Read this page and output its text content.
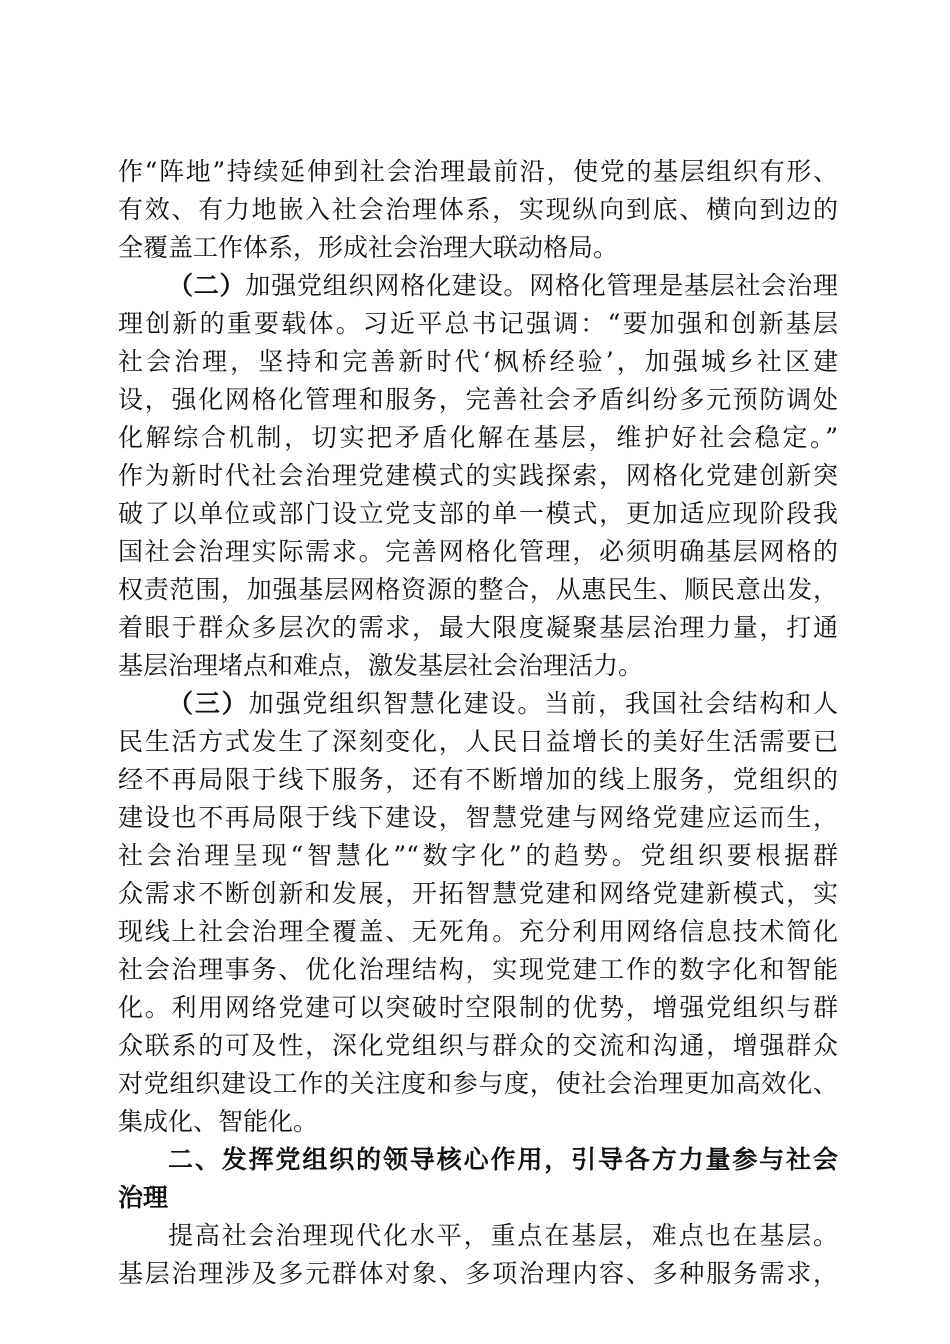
作“阵地”持续延伸到社会治理最前沿，使党的基层组织有形、
有效、有力地嵌入社会治理体系，实现纵向到底、横向到边的
全覆盖工作体系，形成社会治理大联动格局。
（二）加强党组织网格化建设。网格化管理是基层社会治理
理创新的重要载体。习近平总书记强调：“要加强和创新基层
社会治理，坚持和完善新时代‘枫桥经验’，加强城乡社区建
设，强化网格化管理和服务，完善社会矛盾纠纷多元预防调处
化解综合机制，切实把矛盾化解在基层，维护好社会稳定。”
作为新时代社会治理党建模式的实践探索，网格化党建创新突
破了以单位或部门设立党支部的单一模式，更加适应现阶段我
国社会治理实际需求。完善网格化管理，必须明确基层网格的
权责范围，加强基层网格资源的整合，从惠民生、顺民意出发，
着眼于群众多层次的需求，最大限度凝聚基层治理力量，打通
基层治理堵点和难点，激发基层社会治理活力。
（三）加强党组织智慧化建设。当前，我国社会结构和人
民生活方式发生了深刻变化，人民日益增长的美好生活需要已
经不再局限于线下服务，还有不断增加的线上服务，党组织的
建设也不再局限于线下建设，智慧党建与网络党建应运而生，
社会治理呈现“智慧化”“数字化”的趋势。党组织要根据群
众需求不断创新和发展，开拓智慧党建和网络党建新模式，实
现线上社会治理全覆盖、无死角。充分利用网络信息技术简化
社会治理事务、优化治理结构，实现党建工作的数字化和智能
化。利用网络党建可以突破时空限制的优势，增强党组织与群
众联系的可及性，深化党组织与群众的交流和沟通，增强群众
对党组织建设工作的关注度和参与度，使社会治理更加高效化、
集成化、智能化。
二、发挥党组织的领导核心作用，引导各方力量参与社会
治理
提高社会治理现代化水平，重点在基层，难点也在基层。
基层治理涉及多元群体对象、多项治理内容、多种服务需求，
